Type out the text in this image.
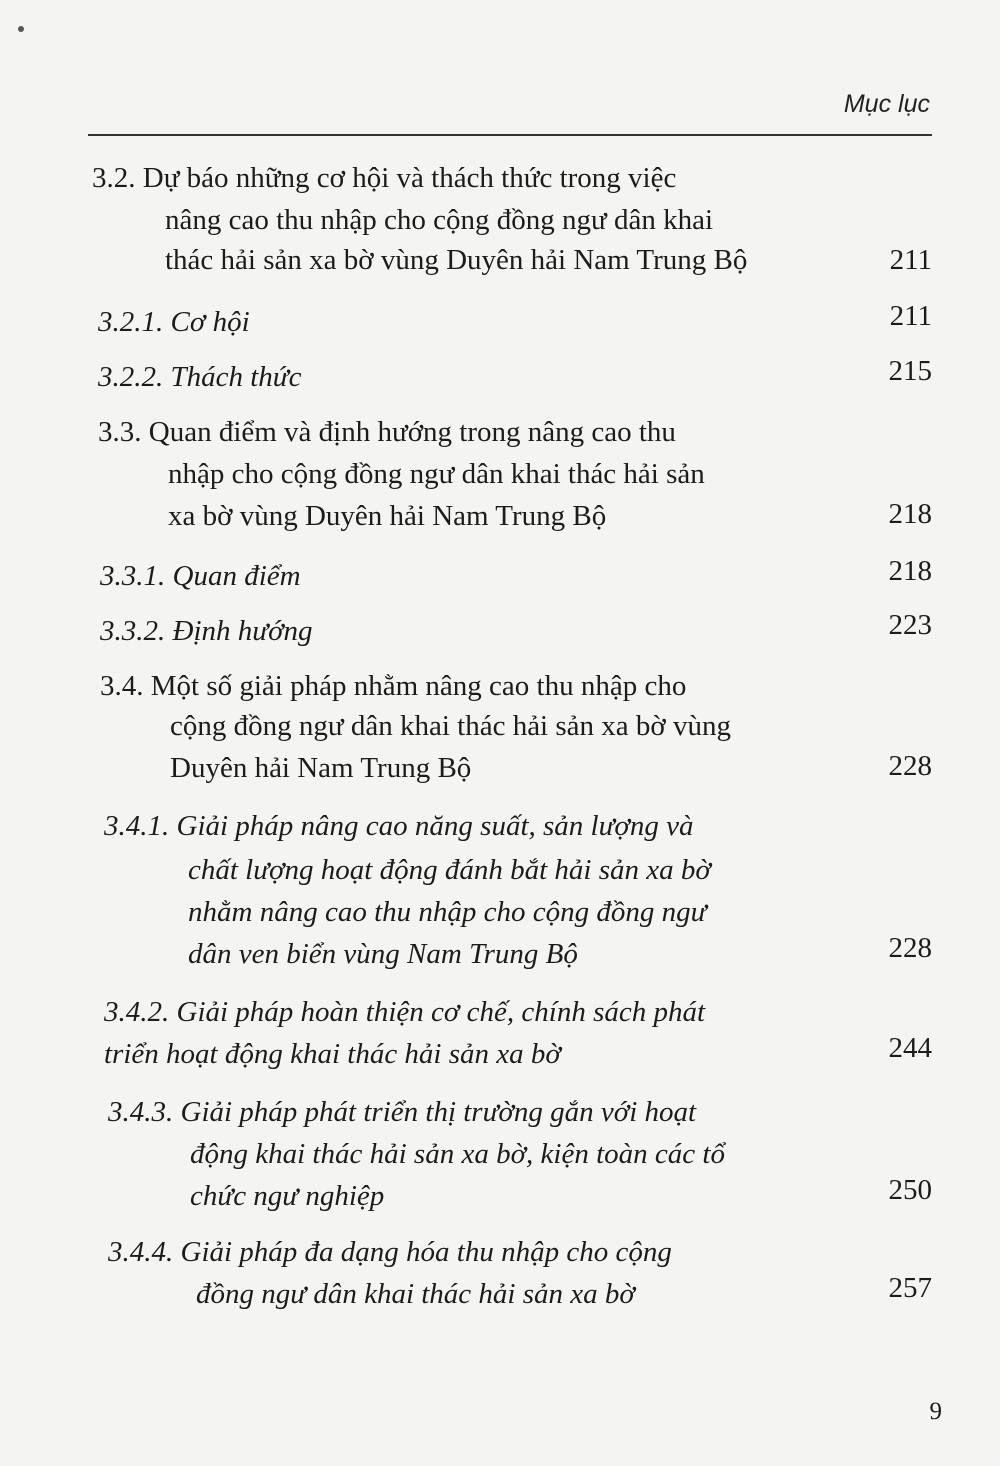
Mục lục
3.2. Dự báo những cơ hội và thách thức trong việc
nâng cao thu nhập cho cộng đồng ngư dân khai
thác hải sản xa bờ vùng Duyên hải Nam Trung Bộ	211
3.2.1. Cơ hội	211
3.2.2. Thách thức	215
3.3. Quan điểm và định hướng trong nâng cao thu
nhập cho cộng đồng ngư dân khai thác hải sản
xa bờ vùng Duyên hải Nam Trung Bộ	218
3.3.1. Quan điểm	218
3.3.2. Định hướng	223
3.4. Một số giải pháp nhằm nâng cao thu nhập cho
cộng đồng ngư dân khai thác hải sản xa bờ vùng
Duyên hải Nam Trung Bộ	228
3.4.1. Giải pháp nâng cao năng suất, sản lượng và
chất lượng hoạt động đánh bắt hải sản xa bờ
nhằm nâng cao thu nhập cho cộng đồng ngư
dân ven biển vùng Nam Trung Bộ	228
3.4.2. Giải pháp hoàn thiện cơ chế, chính sách phát
triển hoạt động khai thác hải sản xa bờ	244
3.4.3. Giải pháp phát triển thị trường gắn với hoạt
động khai thác hải sản xa bờ, kiện toàn các tổ
chức ngư nghiệp	250
3.4.4. Giải pháp đa dạng hóa thu nhập cho cộng
đồng ngư dân khai thác hải sản xa bờ	257
9
